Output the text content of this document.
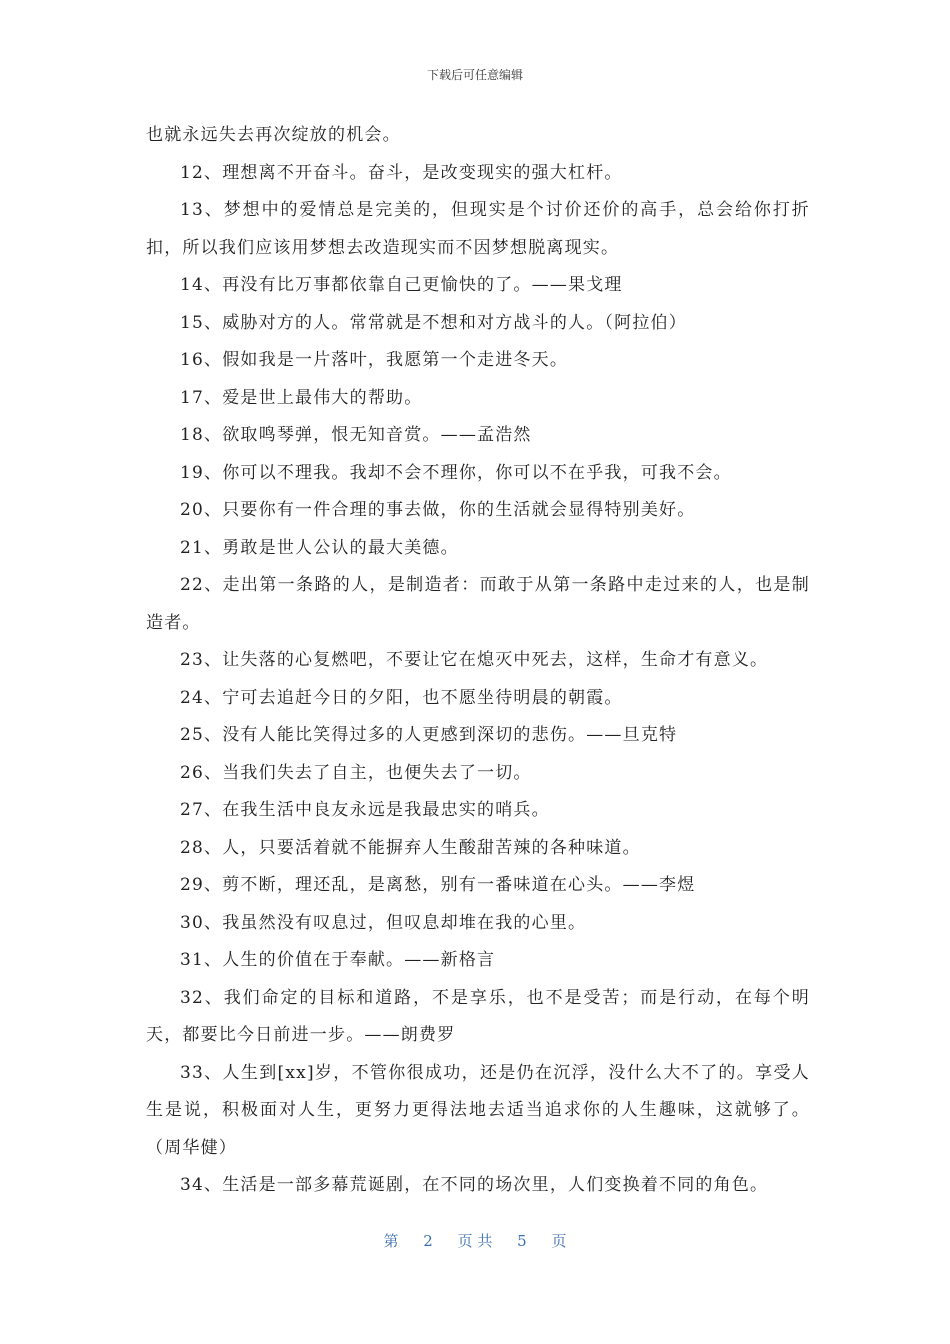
下载后可任意编辑

也就永远失去再次绽放的机会。

12、理想离不开奋斗。奋斗，是改变现实的强大杠杆。

13、梦想中的爱情总是完美的，但现实是个讨价还价的高手，总会给你打折扣，所以我们应该用梦想去改造现实而不因梦想脱离现实。

14、再没有比万事都依靠自己更愉快的了。——果戈理

15、威胁对方的人。常常就是不想和对方战斗的人。（阿拉伯）

16、假如我是一片落叶，我愿第一个走进冬天。

17、爱是世上最伟大的帮助。

18、欲取鸣琴弹，恨无知音赏。——孟浩然

19、你可以不理我。我却不会不理你，你可以不在乎我，可我不会。

20、只要你有一件合理的事去做，你的生活就会显得特别美好。

21、勇敢是世人公认的最大美德。

22、走出第一条路的人，是制造者：而敢于从第一条路中走过来的人，也是制造者。

23、让失落的心复燃吧，不要让它在熄灭中死去，这样，生命才有意义。

24、宁可去追赶今日的夕阳，也不愿坐待明晨的朝霞。

25、没有人能比笑得过多的人更感到深切的悲伤。——旦克特

26、当我们失去了自主，也便失去了一切。

27、在我生活中良友永远是我最忠实的哨兵。

28、人，只要活着就不能摒弃人生酸甜苦辣的各种味道。

29、剪不断，理还乱，是离愁，别有一番味道在心头。——李煜

30、我虽然没有叹息过，但叹息却堆在我的心里。

31、人生的价值在于奉献。——新格言

32、我们命定的目标和道路，不是享乐，也不是受苦；而是行动，在每个明天，都要比今日前进一步。——朗费罗

33、人生到[xx]岁，不管你很成功，还是仍在沉浮，没什么大不了的。享受人生是说，积极面对人生，更努力更得法地去适当追求你的人生趣味，这就够了。（周华健）

34、生活是一部多幕荒诞剧，在不同的场次里，人们变换着不同的角色。

第 2 页 共 5 页
